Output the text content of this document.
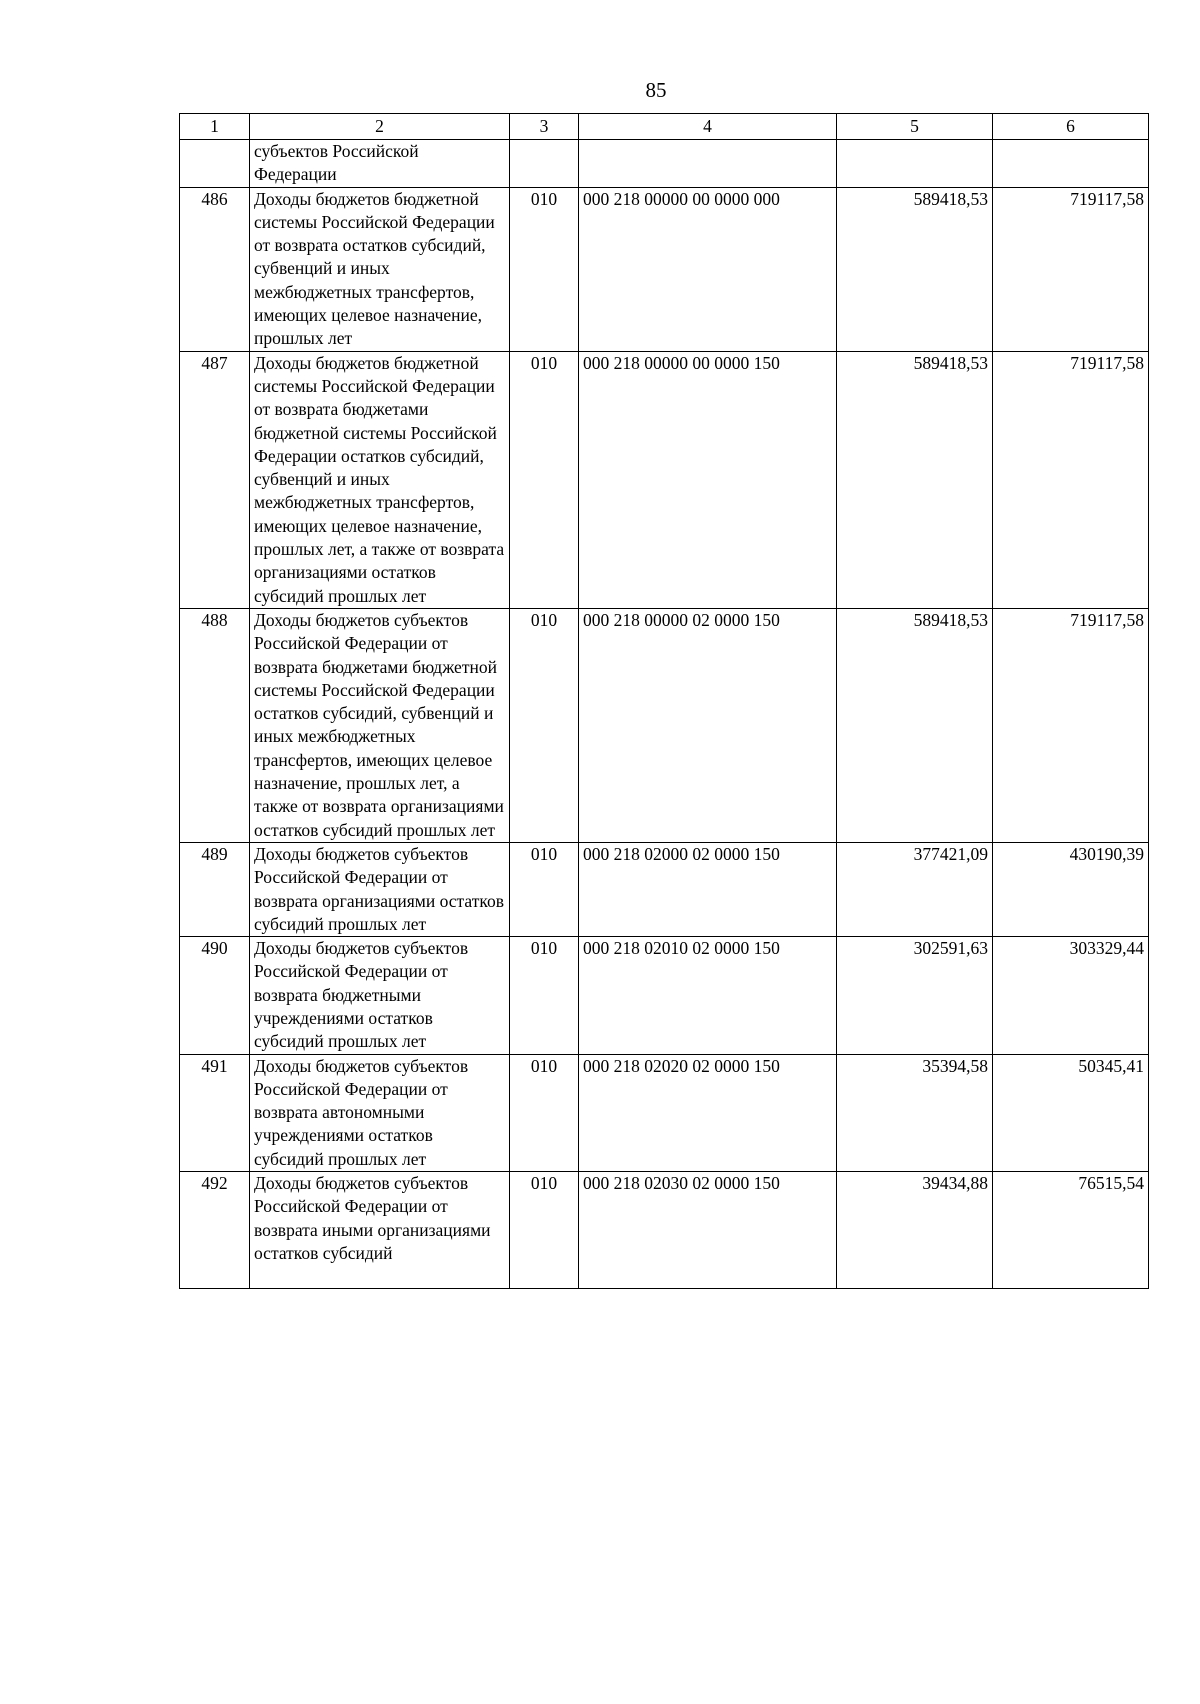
85
1	2	3	4	5	6
	субъектов Российской Федерации				
486	Доходы бюджетов бюджетной системы Российской Федерации от возврата остатков субсидий, субвенций и иных межбюджетных трансфертов, имеющих целевое назначение, прошлых лет	010	000 218 00000 00 0000 000	589418,53	719117,58
487	Доходы бюджетов бюджетной системы Российской Федерации от возврата бюджетами бюджетной системы Российской Федерации остатков субсидий, субвенций и иных межбюджетных трансфертов, имеющих целевое назначение, прошлых лет, а также от возврата организациями остатков субсидий прошлых лет	010	000 218 00000 00 0000 150	589418,53	719117,58
488	Доходы бюджетов субъектов Российской Федерации от возврата бюджетами бюджетной системы Российской Федерации остатков субсидий, субвенций и иных межбюджетных трансфертов, имеющих целевое назначение, прошлых лет, а также от возврата организациями остатков субсидий прошлых лет	010	000 218 00000 02 0000 150	589418,53	719117,58
489	Доходы бюджетов субъектов Российской Федерации от возврата организациями остатков субсидий прошлых лет	010	000 218 02000 02 0000 150	377421,09	430190,39
490	Доходы бюджетов субъектов Российской Федерации от возврата бюджетными учреждениями остатков субсидий прошлых лет	010	000 218 02010 02 0000 150	302591,63	303329,44
491	Доходы бюджетов субъектов Российской Федерации от возврата автономными учреждениями остатков субсидий прошлых лет	010	000 218 02020 02 0000 150	35394,58	50345,41
492	Доходы бюджетов субъектов Российской Федерации от возврата иными организациями остатков субсидий	010	000 218 02030 02 0000 150	39434,88	76515,54
